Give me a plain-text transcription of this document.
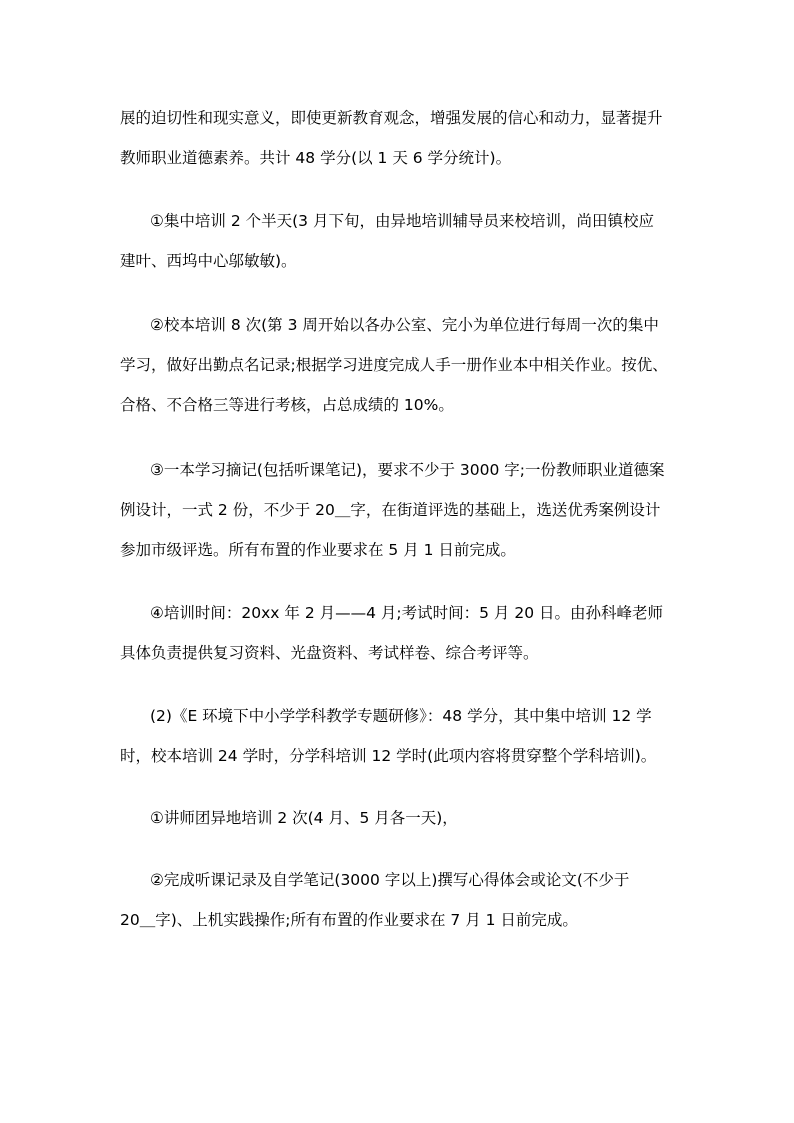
展的迫切性和现实意义，即使更新教育观念，增强发展的信心和动力，显著提升
教师职业道德素养。共计 48 学分(以 1 天 6 学分统计)。
①集中培训 2 个半天(3 月下旬，由异地培训辅导员来校培训，尚田镇校应
建叶、西坞中心邬敏敏)。
②校本培训 8 次(第 3 周开始以各办公室、完小为单位进行每周一次的集中
学习，做好出勤点名记录;根据学习进度完成人手一册作业本中相关作业。按优、
合格、不合格三等进行考核，占总成绩的 10%。
③一本学习摘记(包括听课笔记)，要求不少于 3000 字;一份教师职业道德案
例设计，一式 2 份，不少于 20＿字，在街道评选的基础上，选送优秀案例设计
参加市级评选。所有布置的作业要求在 5 月 1 日前完成。
④培训时间：20xx 年 2 月——4 月;考试时间：5 月 20 日。由孙科峰老师
具体负责提供复习资料、光盘资料、考试样卷、综合考评等。
(2)《E 环境下中小学学科教学专题研修》：48 学分，其中集中培训 12 学
时，校本培训 24 学时，分学科培训 12 学时(此项内容将贯穿整个学科培训)。
①讲师团异地培训 2 次(4 月、5 月各一天)，
②完成听课记录及自学笔记(3000 字以上)撰写心得体会或论文(不少于
20＿字)、上机实践操作;所有布置的作业要求在 7 月 1 日前完成。
